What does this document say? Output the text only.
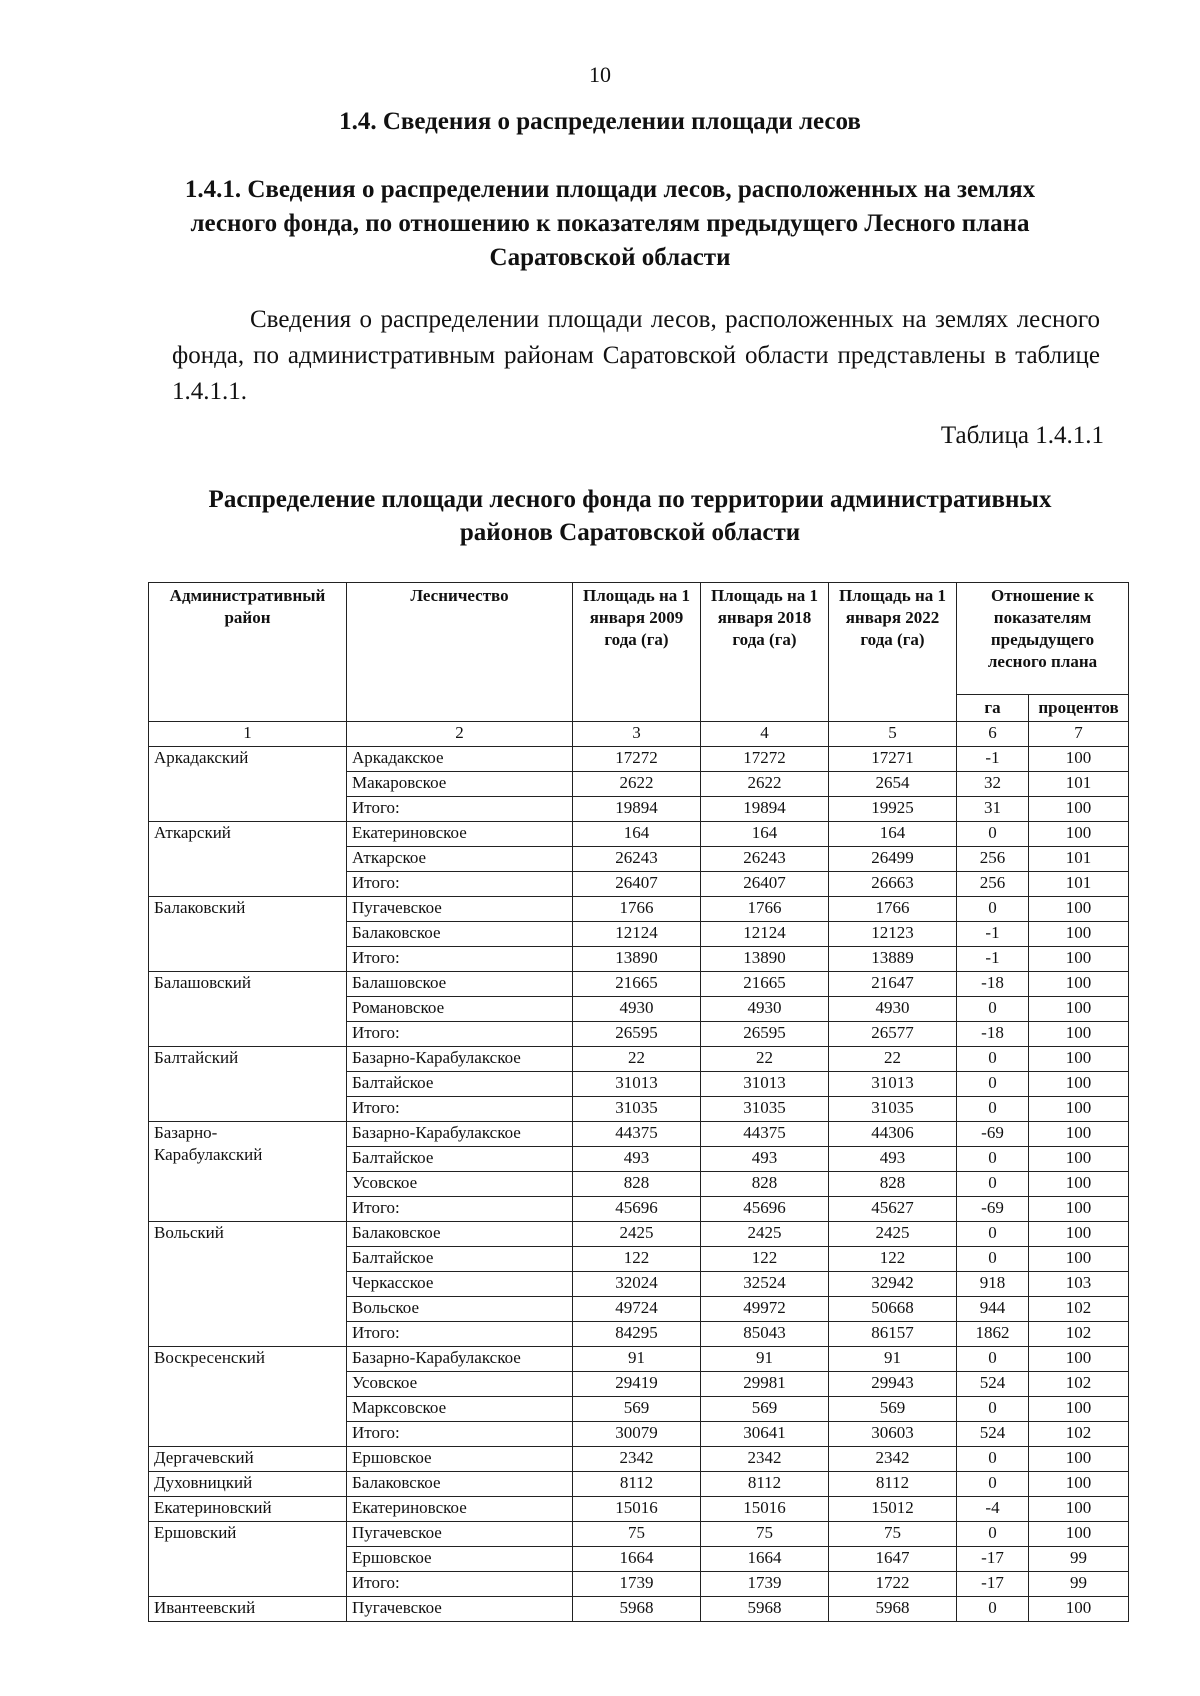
10
1.4. Сведения о распределении площади лесов
1.4.1. Сведения о распределении площади лесов, расположенных на землях лесного фонда, по отношению к показателям предыдущего Лесного плана Саратовской области
Сведения о распределении площади лесов, расположенных на землях лесного фонда, по административным районам Саратовской области представлены в таблице 1.4.1.1.
Таблица 1.4.1.1
Распределение площади лесного фонда по территории административных районов Саратовской области
Административный район	Лесничество	Площадь на 1 января 2009 года (га)	Площадь на 1 января 2018 года (га)	Площадь на 1 января 2022 года (га)	Отношение к показателям предыдущего лесного плана	
					га	процентов
1	2	3	4	5	6	7
Аркадакский	Аркадакское	17272	17272	17271	-1	100
	Макаровское	2622	2622	2654	32	101
	Итого:	19894	19894	19925	31	100
Аткарский	Екатериновское	164	164	164	0	100
	Аткарское	26243	26243	26499	256	101
	Итого:	26407	26407	26663	256	101
Балаковский	Пугачевское	1766	1766	1766	0	100
	Балаковское	12124	12124	12123	-1	100
	Итого:	13890	13890	13889	-1	100
Балашовский	Балашовское	21665	21665	21647	-18	100
	Романовское	4930	4930	4930	0	100
	Итого:	26595	26595	26577	-18	100
Балтайский	Базарно-Карабулакское	22	22	22	0	100
	Балтайское	31013	31013	31013	0	100
	Итого:	31035	31035	31035	0	100
Базарно-
Карабулакский	Базарно-Карабулакское	44375	44375	44306	-69	100
	Балтайское	493	493	493	0	100
	Усовское	828	828	828	0	100
	Итого:	45696	45696	45627	-69	100
Вольский	Балаковское	2425	2425	2425	0	100
	Балтайское	122	122	122	0	100
	Черкасское	32024	32524	32942	918	103
	Вольское	49724	49972	50668	944	102
	Итого:	84295	85043	86157	1862	102
Воскресенский	Базарно-Карабулакское	91	91	91	0	100
	Усовское	29419	29981	29943	524	102
	Марксовское	569	569	569	0	100
	Итого:	30079	30641	30603	524	102
Дергачевский	Ершовское	2342	2342	2342	0	100
Духовницкий	Балаковское	8112	8112	8112	0	100
Екатериновский	Екатериновское	15016	15016	15012	-4	100
Ершовский	Пугачевское	75	75	75	0	100
	Ершовское	1664	1664	1647	-17	99
	Итого:	1739	1739	1722	-17	99
Ивантеевский	Пугачевское	5968	5968	5968	0	100
